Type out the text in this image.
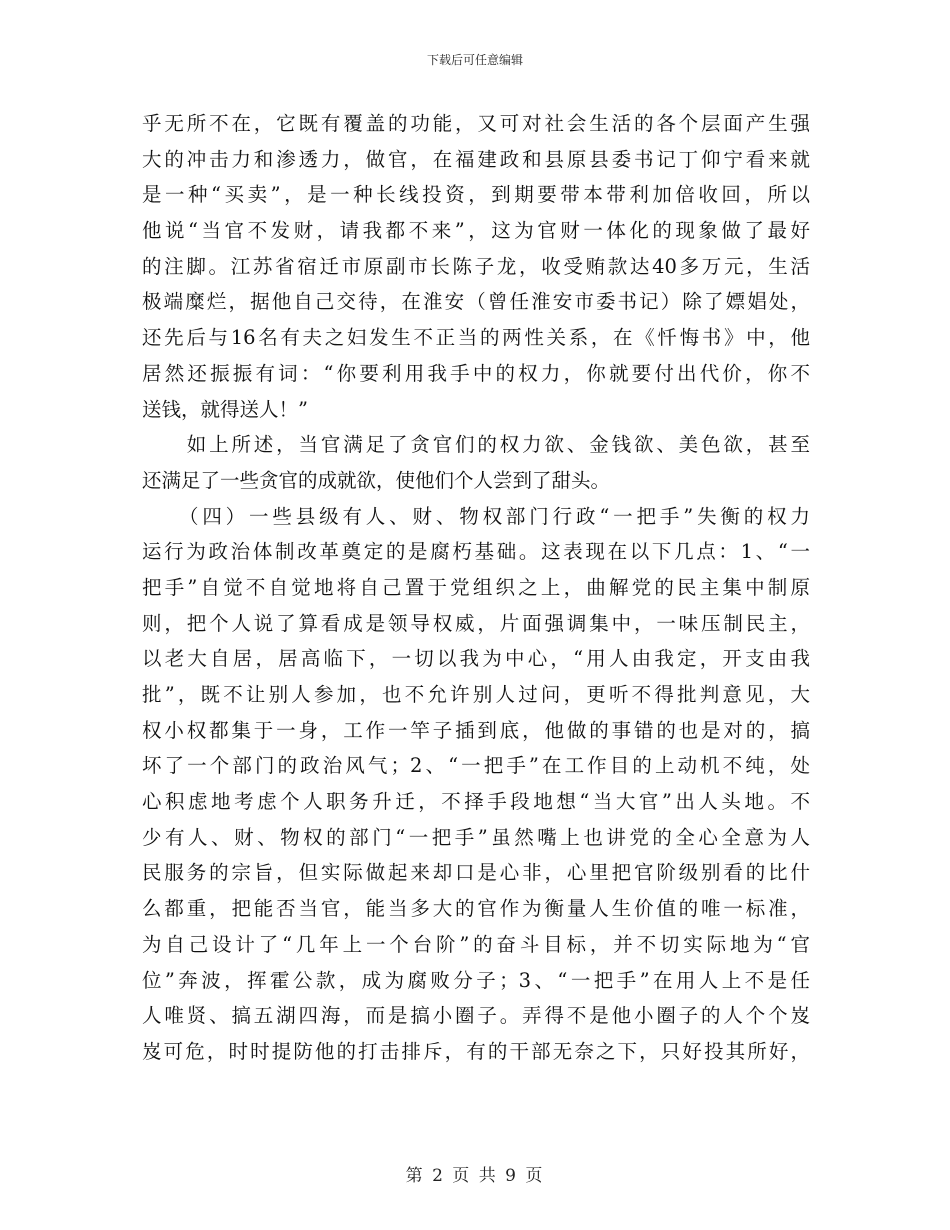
下载后可任意编辑
乎无所不在，它既有覆盖的功能，又可对社会生活的各个层面产生强
大的冲击力和渗透力，做官，在福建政和县原县委书记丁仰宁看来就
是一种“买卖”，是一种长线投资，到期要带本带利加倍收回，所以
他说“当官不发财，请我都不来”，这为官财一体化的现象做了最好
的注脚。江苏省宿迁市原副市长陈子龙，收受贿款达40多万元，生活
极端糜烂，据他自己交待，在淮安（曾任淮安市委书记）除了嫖娼处，
还先后与16名有夫之妇发生不正当的两性关系，在《忏悔书》中，他
居然还振振有词：“你要利用我手中的权力，你就要付出代价，你不
送钱，就得送人！”
　　如上所述，当官满足了贪官们的权力欲、金钱欲、美色欲，甚至
还满足了一些贪官的成就欲，使他们个人尝到了甜头。
　　（四）一些县级有人、财、物权部门行政“一把手”失衡的权力
运行为政治体制改革奠定的是腐朽基础。这表现在以下几点：1、“一
把手”自觉不自觉地将自己置于党组织之上，曲解党的民主集中制原
则，把个人说了算看成是领导权威，片面强调集中，一味压制民主，
以老大自居，居高临下，一切以我为中心，“用人由我定，开支由我
批”，既不让别人参加，也不允许别人过问，更听不得批判意见，大
权小权都集于一身，工作一竿子插到底，他做的事错的也是对的，搞
坏了一个部门的政治风气；2、“一把手”在工作目的上动机不纯，处
心积虑地考虑个人职务升迁，不择手段地想“当大官”出人头地。不
少有人、财、物权的部门“一把手”虽然嘴上也讲党的全心全意为人
民服务的宗旨，但实际做起来却口是心非，心里把官阶级别看的比什
么都重，把能否当官，能当多大的官作为衡量人生价值的唯一标准，
为自己设计了“几年上一个台阶”的奋斗目标，并不切实际地为“官
位”奔波，挥霍公款，成为腐败分子；3、“一把手”在用人上不是任
人唯贤、搞五湖四海，而是搞小圈子。弄得不是他小圈子的人个个岌
岌可危，时时提防他的打击排斥，有的干部无奈之下，只好投其所好，
第 2 页 共 9 页
